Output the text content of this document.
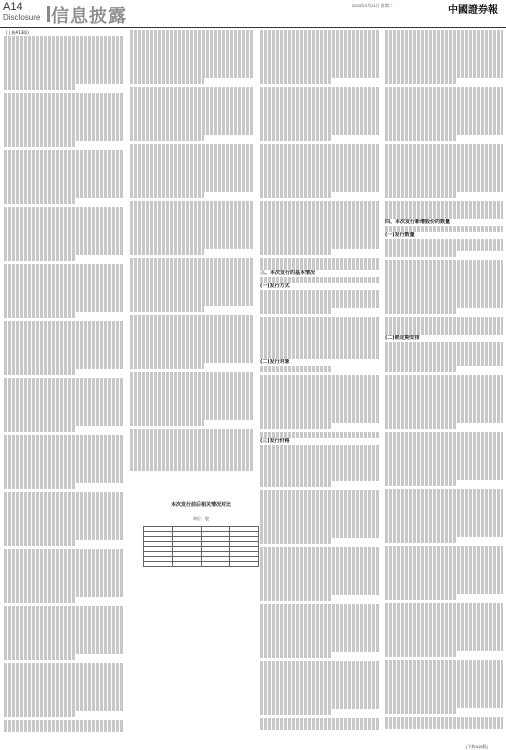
A14
Disclosure 信息披露
2023年3月21日 星期二	中國證券報
(上接A13版)
三、本次发行的基本情况
(一)发行方式
(二)发行对象
(三)发行价格
四、本次发行新增股份的数量
(一)发行数量
(二)锁定期安排
本次发行前后相关情况对比
单位：股

(下转A15版)
